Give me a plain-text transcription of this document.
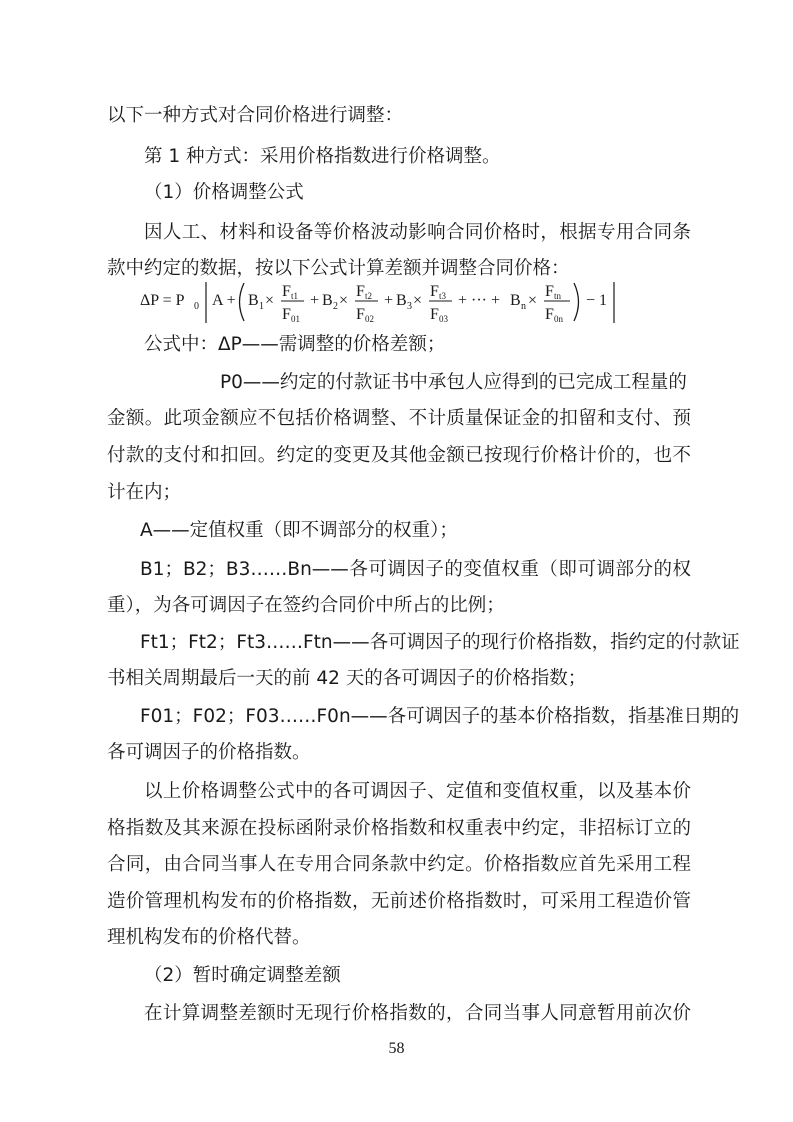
以下一种方式对合同价格进行调整：

第 1 种方式：采用价格指数进行价格调整。

（1）价格调整公式

因人工、材料和设备等价格波动影响合同价格时，根据专用合同条

款中约定的数据，按以下公式计算差额并调整合同价格：

ΔP = P 0 A + B 1 ×
F t1
F 01
+ B 2 ×
F t2
F 02
+ B 3 ×
F t3
F 03
+ ··· + B n ×
F tn
F 0n
− 1

公式中：ΔP——需调整的价格差额；

P0——约定的付款证书中承包人应得到的已完成工程量的

金额。此项金额应不包括价格调整、不计质量保证金的扣留和支付、预

付款的支付和扣回。约定的变更及其他金额已按现行价格计价的，也不

计在内；

A——定值权重（即不调部分的权重）；

B1；B2；B3……Bn——各可调因子的变值权重（即可调部分的权

重），为各可调因子在签约合同价中所占的比例；

Ft1；Ft2；Ft3……Ftn——各可调因子的现行价格指数，指约定的付款证

书相关周期最后一天的前 42 天的各可调因子的价格指数；

F01；F02；F03……F0n——各可调因子的基本价格指数，指基准日期的

各可调因子的价格指数。

以上价格调整公式中的各可调因子、定值和变值权重，以及基本价

格指数及其来源在投标函附录价格指数和权重表中约定，非招标订立的

合同，由合同当事人在专用合同条款中约定。价格指数应首先采用工程

造价管理机构发布的价格指数，无前述价格指数时，可采用工程造价管

理机构发布的价格代替。

（2）暂时确定调整差额

在计算调整差额时无现行价格指数的，合同当事人同意暂用前次价

58
